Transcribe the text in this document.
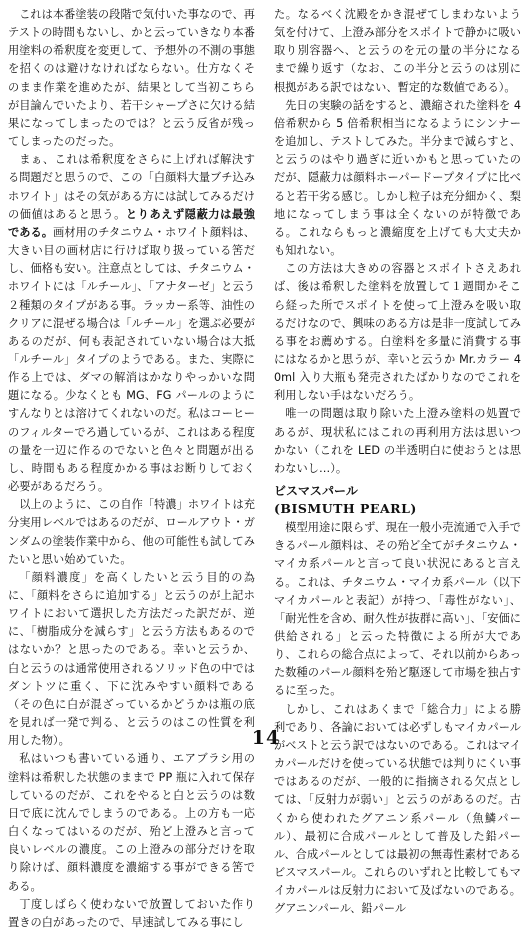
これは本番塗装の段階で気付いた事なので、再テストの時間もないし、かと云っていきなり本番用塗料の希釈度を変更して、予想外の不測の事態を招くのは避けなければならない。仕方なくそのまま作業を進めたが、結果として当初こちらが目論んでいたより、若干シャープさに欠ける結果になってしまったのでは？と云う反省が残ってしまったのだった。

まぁ、これは希釈度をさらに上げれば解決する問題だと思うので、この「白顔料大量ブチ込みホワイト」はその気がある方には試してみるだけの価値はあると思う。とりあえず隠蔽力は最強である。画材用のチタニウム・ホワイト顔料は、大きい目の画材店に行けば取り扱っている筈だし、価格も安い。注意点としては、チタニウム・ホワイトには「ルチール」、「アナターゼ」と云う２種類のタイプがある事。ラッカー系等、油性のクリアに混ぜる場合は「ルチール」を選ぶ必要があるのだが、何も表記されていない場合は大抵「ルチール」タイプのようである。また、実際に作る上では、ダマの解消はかなりやっかいな問題になる。少なくとも MG、FG パールのようにすんなりとは溶けてくれないのだ。私はコーヒーのフィルターでろ過しているが、これはある程度の量を一辺に作るのでないと色々と問題が出るし、時間もある程度かかる事はお断りしておく必要があるだろう。

以上のように、この自作「特濃」ホワイトは充分実用レベルではあるのだが、ロールアウト・ガンダムの塗装作業中から、他の可能性も試してみたいと思い始めていた。

「顔料濃度」を高くしたいと云う目的の為に、「顔料をさらに追加する」と云うのが上記ホワイトにおいて選択した方法だった訳だが、逆に、「樹脂成分を減らす」と云う方法もあるのではないか？と思ったのである。幸いと云うか、白と云うのは通常使用されるソリッド色の中ではダントツに重く、下に沈みやすい顔料である（その色に白が混ざっているかどうかは瓶の底を見れば一発で判る、と云うのはこの性質を利用した物）。

私はいつも書いている通り、エアブラシ用の塗料は希釈した状態のままで PP 瓶に入れて保存しているのだが、これをやると白と云うのは数日で底に沈んでしまうのである。上の方も一応白くなってはいるのだが、殆ど上澄みと言って良いレベルの濃度。この上澄みの部分だけを取り除けば、顔料濃度を濃縮する事ができる筈である。

丁度しばらく使わないで放置しておいた作り置きの白があったので、早速試してみる事にし

た。なるべく沈殿をかき混ぜてしまわないよう気を付けて、上澄み部分をスポイトで静かに吸い取り別容器へ、と云うのを元の量の半分になるまで繰り返す（なお、この半分と云うのは別に根拠がある訳ではない、暫定的な数値である）。

先日の実験の話をすると、濃縮された塗料を 4 倍希釈から 5 倍希釈相当になるようにシンナーを追加し、テストしてみた。半分まで減らすと、と云うのはやり過ぎに近いかもと思っていたのだが、隠蔽力は顔料ホーパードープタイプに比べると若干劣る感じ。しかし粒子は充分細かく、梨地になってしまう事は全くないのが特徴である。これならもっと濃縮度を上げても大丈夫かも知れない。

この方法は大きめの容器とスポイトさえあれば、後は希釈した塗料を放置して１週間かそこら経った所でスポイトを使って上澄みを吸い取るだけなので、興味のある方は是非一度試してみる事をお薦めする。白塗料を多量に消費する事にはなるかと思うが、幸いと云うか Mr.カラー 40ml 入り大瓶も発売されたばかりなのでこれを利用しない手はないだろう。

唯一の問題は取り除いた上澄み塗料の処置であるが、現状私にはこれの再利用方法は思いつかない（これを LED の半透明白に使おうとは思わないし…）。

ビスマスパール

(BISMUTH PEARL)

模型用途に限らず、現在一般小売流通で入手できるパール顔料は、その殆ど全てがチタニウム・マイカ系パールと言って良い状況にあると言える。これは、チタニウム・マイカ系パール（以下マイカパールと表記）が持つ、「毒性がない」、「耐光性を含め、耐久性が抜群に高い」、「安価に供給される」と云った特徴による所が大であり、これらの総合点によって、それ以前からあった数種のパール顔料を殆ど駆逐して市場を独占するに至った。

しかし、これはあくまで「総合力」による勝利であり、各論においては必ずしもマイカパールがベストと云う訳ではないのである。これはマイカパールだけを使っている状態では判りにくい事ではあるのだが、一般的に指摘される欠点としては、「反射力が弱い」と云うのがあるのだ。古くから使われたグアニン系パール（魚鱗パール）、最初に合成パールとして普及した鉛パール、合成パールとしては最初の無毒性素材であるビスマスパール。これらのいずれと比較してもマイカパールは反射力において及ばないのである。グアニンパール、鉛パール

14
